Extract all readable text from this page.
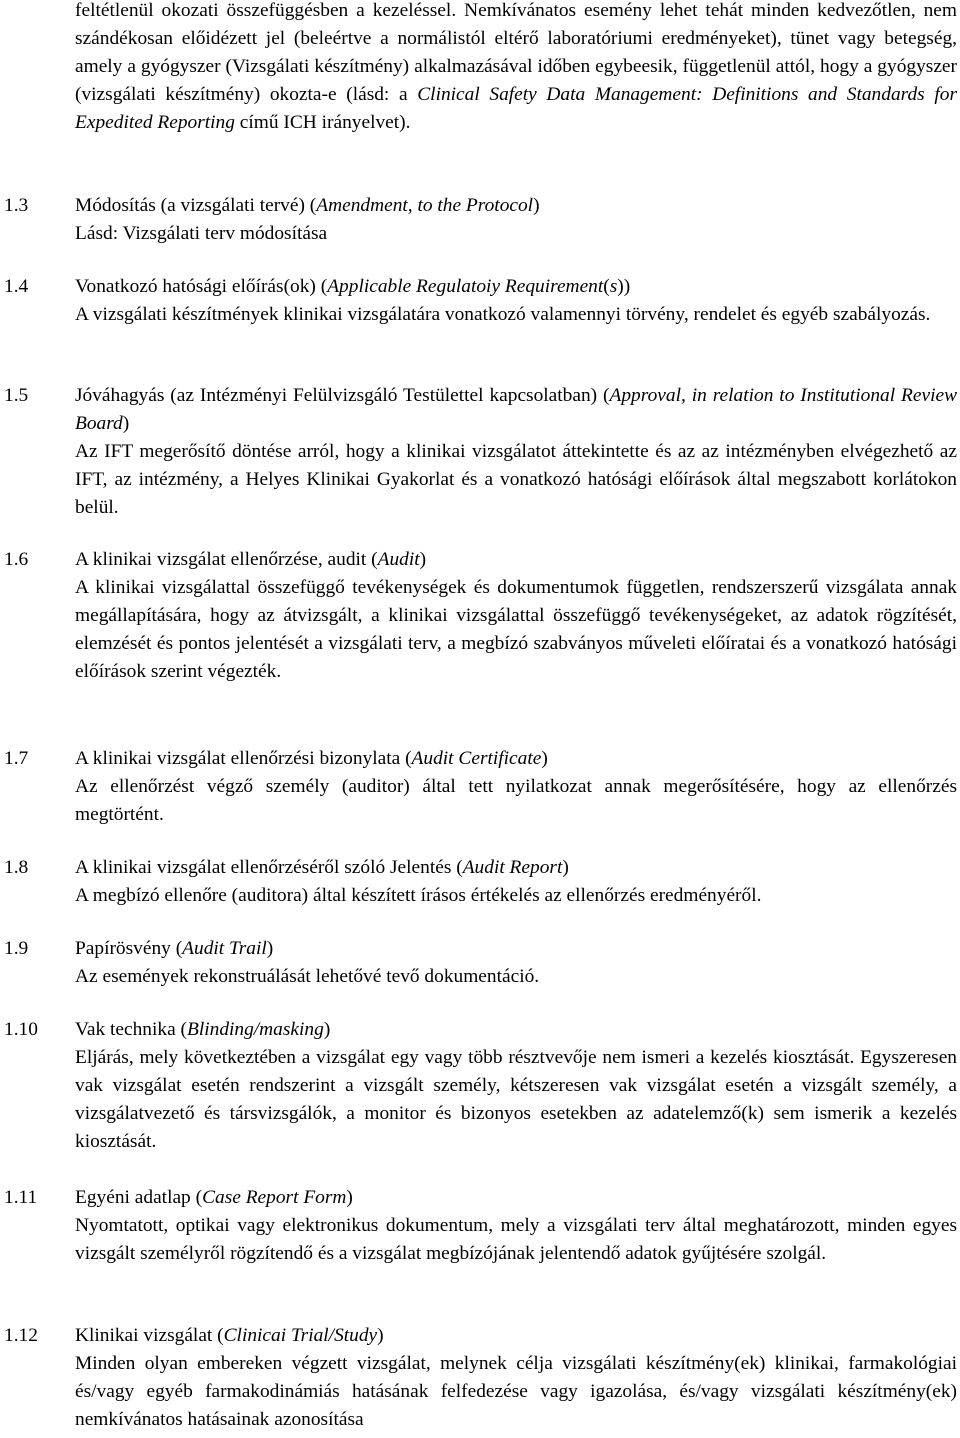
feltétlenül okozati összefüggésben a kezeléssel. Nemkívánatos esemény lehet tehát minden kedvezőtlen, nem szándékosan előidézett jel (beleértve a normálistól eltérő laboratóriumi eredményeket), tünet vagy betegség, amely a gyógyszer (Vizsgálati készítmény) alkalmazásával időben egybeesik, függetlenül attól, hogy a gyógyszer (vizsgálati készítmény) okozta-e (lásd: a Clinical Safety Data Management: Definitions and Standards for Expedited Reporting című ICH irányelvet).
1.3 Módosítás (a vizsgálati tervé) (Amendment, to the Protocol)

Lásd: Vizsgálati terv módosítása

1.4 Vonatkozó hatósági előírás(ok) (Applicable Regulatoiy Requirement(s))

A vizsgálati készítmények klinikai vizsgálatára vonatkozó valamennyi törvény, rendelet és egyéb szabályozás.

1.5 Jóváhagyás (az Intézményi Felülvizsgáló Testülettel kapcsolatban) (Approval, in relation to Institutional Review Board)

Az IFT megerősítő döntése arról, hogy a klinikai vizsgálatot áttekintette és az az intézményben elvégezhető az IFT, az intézmény, a Helyes Klinikai Gyakorlat és a vonatkozó hatósági előírások által megszabott korlátokon belül.

1.6 A klinikai vizsgálat ellenőrzése, audit (Audit)

A klinikai vizsgálattal összefüggő tevékenységek és dokumentumok független, rendszerszerű vizsgálata annak megállapítására, hogy az átvizsgált, a klinikai vizsgálattal összefüggő tevékenységeket, az adatok rögzítését, elemzését és pontos jelentését a vizsgálati terv, a megbízó szabványos műveleti előíratai és a vonatkozó hatósági előírások szerint végezték.

1.7 A klinikai vizsgálat ellenőrzési bizonylata (Audit Certificate)

Az ellenőrzést végző személy (auditor) által tett nyilatkozat annak megerősítésére, hogy az ellenőrzés megtörtént.

1.8 A klinikai vizsgálat ellenőrzéséről szóló Jelentés (Audit Report)

A megbízó ellenőre (auditora) által készített írásos értékelés az ellenőrzés eredményéről.

1.9 Papírösvény (Audit Trail)

Az események rekonstruálását lehetővé tevő dokumentáció.

1.10 Vak technika (Blinding/masking)

Eljárás, mely következtében a vizsgálat egy vagy több résztvevője nem ismeri a kezelés kiosztását. Egyszeresen vak vizsgálat esetén rendszerint a vizsgált személy, kétszeresen vak vizsgálat esetén a vizsgált személy, a vizsgálatvezető és társvizsgálók, a monitor és bizonyos esetekben az adatelemző(k) sem ismerik a kezelés kiosztását.

1.11 Egyéni adatlap (Case Report Form)

Nyomtatott, optikai vagy elektronikus dokumentum, mely a vizsgálati terv által meghatározott, minden egyes vizsgált személyről rögzítendő és a vizsgálat megbízójának jelentendő adatok gyűjtésére szolgál.

1.12 Klinikai vizsgálat (Clinicai Trial/Study)

Minden olyan embereken végzett vizsgálat, melynek célja vizsgálati készítmény(ek) klinikai, farmakológiai és/vagy egyéb farmakodinámiás hatásának felfedezése vagy igazolása, és/vagy vizsgálati készítmény(ek) nemkívánatos hatásainak azonosítása
